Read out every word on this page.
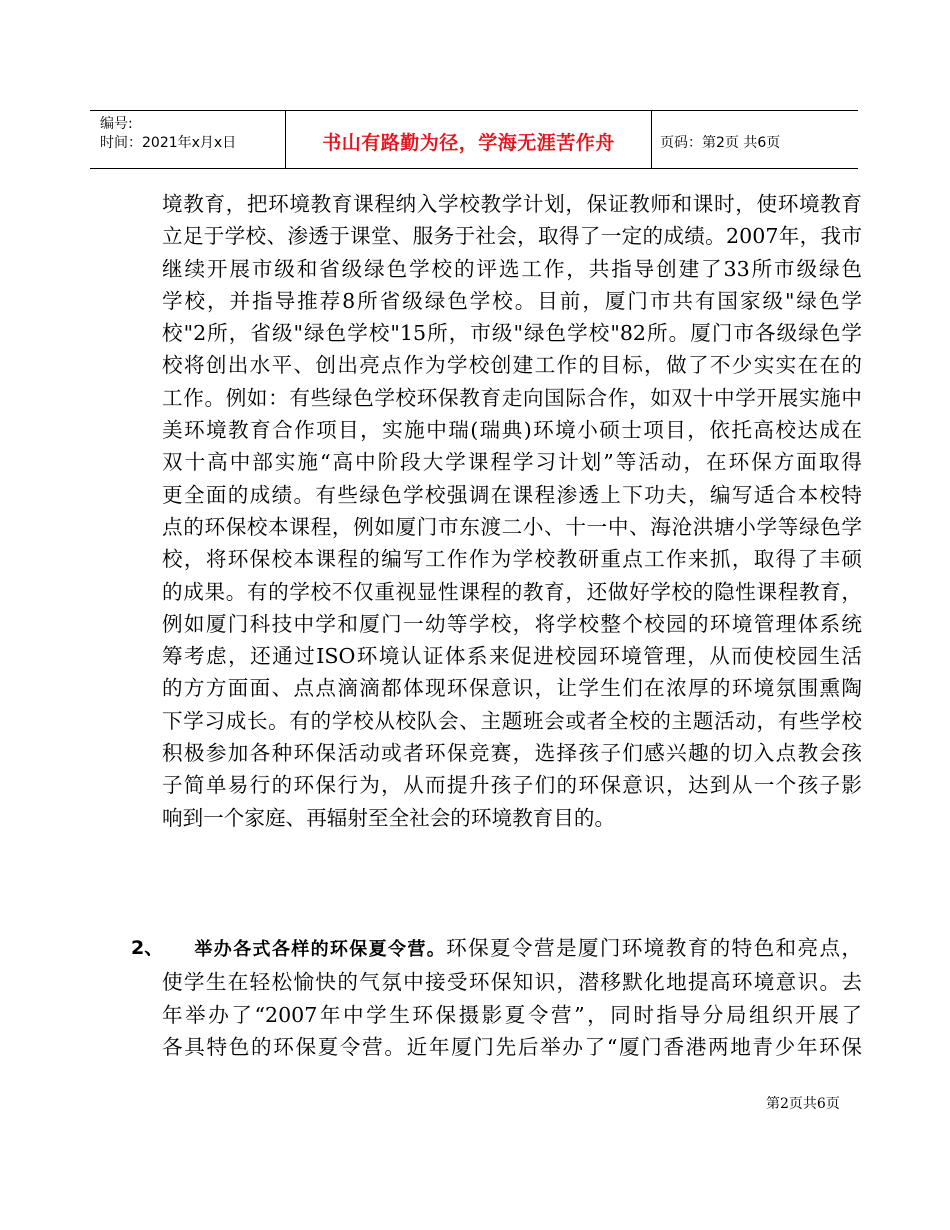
编号:
时间：2021年x月x日	书山有路勤为径，学海无涯苦作舟	页码：第2页 共6页
境教育，把环境教育课程纳入学校教学计划，保证教师和课时，使环境教育
立足于学校、渗透于课堂、服务于社会，取得了一定的成绩。2007年，我市
继续开展市级和省级绿色学校的评选工作，共指导创建了33所市级绿色
学校，并指导推荐8所省级绿色学校。目前，厦门市共有国家级"绿色学
校"2所，省级"绿色学校"15所，市级"绿色学校"82所。厦门市各级绿色学
校将创出水平、创出亮点作为学校创建工作的目标，做了不少实实在在的
工作。例如：有些绿色学校环保教育走向国际合作，如双十中学开展实施中
美环境教育合作项目，实施中瑞(瑞典)环境小硕士项目，依托高校达成在
双十高中部实施“高中阶段大学课程学习计划”等活动，在环保方面取得
更全面的成绩。有些绿色学校强调在课程渗透上下功夫，编写适合本校特
点的环保校本课程，例如厦门市东渡二小、十一中、海沧洪塘小学等绿色学
校，将环保校本课程的编写工作作为学校教研重点工作来抓，取得了丰硕
的成果。有的学校不仅重视显性课程的教育，还做好学校的隐性课程教育，
例如厦门科技中学和厦门一幼等学校，将学校整个校园的环境管理体系统
筹考虑，还通过ISO环境认证体系来促进校园环境管理，从而使校园生活
的方方面面、点点滴滴都体现环保意识，让学生们在浓厚的环境氛围熏陶
下学习成长。有的学校从校队会、主题班会或者全校的主题活动，有些学校
积极参加各种环保活动或者环保竞赛，选择孩子们感兴趣的切入点教会孩
子简单易行的环保行为，从而提升孩子们的环保意识，达到从一个孩子影
响到一个家庭、再辐射至全社会的环境教育目的。
2、	举办各式各样的环保夏令营。环保夏令营是厦门环境教育的特色和亮点，
使学生在轻松愉快的气氛中接受环保知识，潜移默化地提高环境意识。去
年举办了“2007年中学生环保摄影夏令营”，同时指导分局组织开展了
各具特色的环保夏令营。近年厦门先后举办了“厦门香港两地青少年环保
第2页共6页
